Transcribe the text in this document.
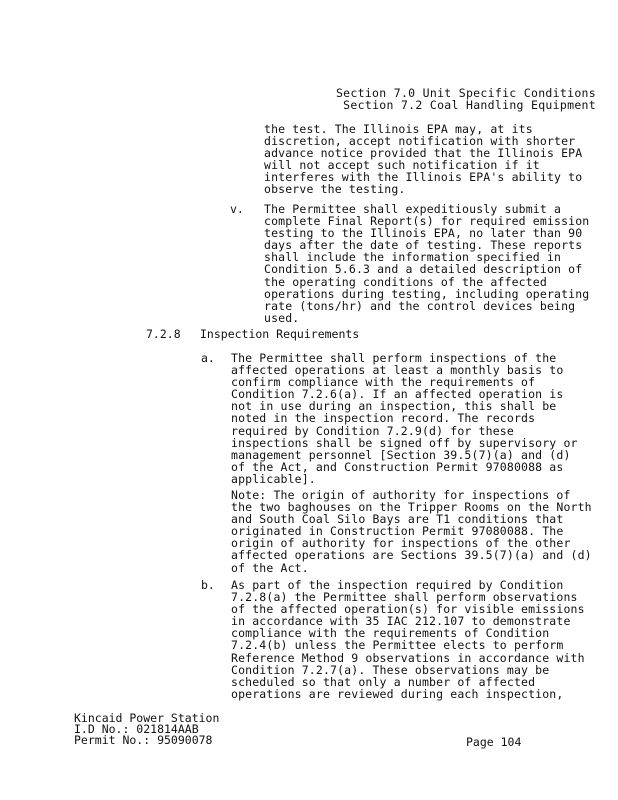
Section 7.0 Unit Specific Conditions
Section 7.2 Coal Handling Equipment
the test. The Illinois EPA may, at its
discretion, accept notification with shorter
advance notice provided that the Illinois EPA
will not accept such notification if it
interferes with the Illinois EPA's ability to
observe the testing.
v. The Permittee shall expeditiously submit a
complete Final Report(s) for required emission
testing to the Illinois EPA, no later than 90
days after the date of testing. These reports
shall include the information specified in
Condition 5.6.3 and a detailed description of
the operating conditions of the affected
operations during testing, including operating
rate (tons/hr) and the control devices being
used.
7.2.8 Inspection Requirements
a. The Permittee shall perform inspections of the
affected operations at least a monthly basis to
confirm compliance with the requirements of
Condition 7.2.6(a). If an affected operation is
not in use during an inspection, this shall be
noted in the inspection record. The records
required by Condition 7.2.9(d) for these
inspections shall be signed off by supervisory or
management personnel [Section 39.5(7)(a) and (d)
of the Act, and Construction Permit 97080088 as
applicable].
Note: The origin of authority for inspections of
the two baghouses on the Tripper Rooms on the North
and South Coal Silo Bays are T1 conditions that
originated in Construction Permit 97080088. The
origin of authority for inspections of the other
affected operations are Sections 39.5(7)(a) and (d)
of the Act.
b. As part of the inspection required by Condition
7.2.8(a) the Permittee shall perform observations
of the affected operation(s) for visible emissions
in accordance with 35 IAC 212.107 to demonstrate
compliance with the requirements of Condition
7.2.4(b) unless the Permittee elects to perform
Reference Method 9 observations in accordance with
Condition 7.2.7(a). These observations may be
scheduled so that only a number of affected
operations are reviewed during each inspection,
Kincaid Power Station
I.D No.: 021814AAB
Permit No.: 95090078	Page 104
